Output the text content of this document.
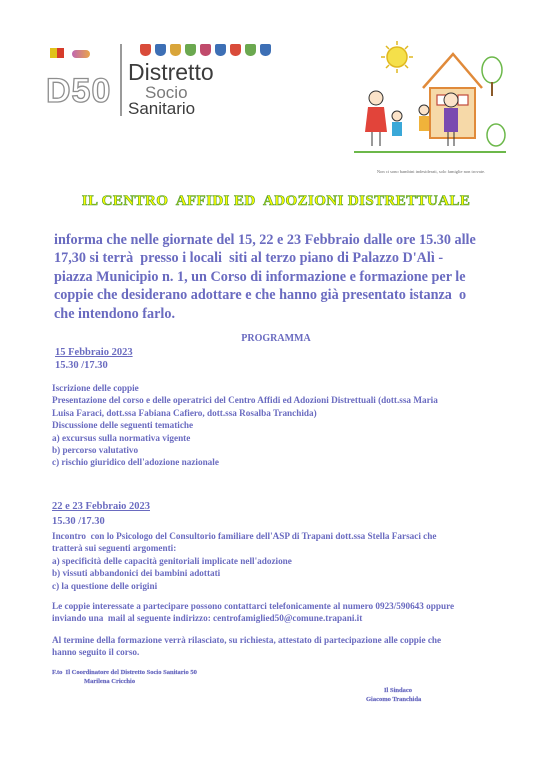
D50 Distretto
Socio
Sanitario
Non ci sono bambini indesiderati, solo famiglie non trovate.
IL CENTRO  AFFIDI ED  ADOZIONI DISTRETTUALE
informa che nelle giornate del 15, 22 e 23 Febbraio dalle ore 15.30 alle
17,30 si terrà  presso i locali  siti al terzo piano di Palazzo D'Alì -
piazza Municipio n. 1, un Corso di informazione e formazione per le
coppie che desiderano adottare e che hanno già presentato istanza  o
che intendono farlo.
PROGRAMMA
15 Febbraio 2023
15.30 /17.30
Iscrizione delle coppie
Presentazione del corso e delle operatrici del Centro Affidi ed Adozioni Distrettuali (dott.ssa Maria
Luisa Faraci, dott.ssa Fabiana Cafiero, dott.ssa Rosalba Tranchida)
Discussione delle seguenti tematiche
a) excursus sulla normativa vigente
b) percorso valutativo
c) rischio giuridico dell'adozione nazionale
22 e 23 Febbraio 2023
15.30 /17.30
Incontro  con lo Psicologo del Consultorio familiare dell'ASP di Trapani dott.ssa Stella Farsaci che
tratterà sui seguenti argomenti:
a) specificità delle capacità genitoriali implicate nell'adozione
b) vissuti abbandonici dei bambini adottati
c) la questione delle origini
Le coppie interessate a partecipare possono contattarci telefonicamente al numero 0923/590643 oppure
inviando una  mail al seguente indirizzo: centrofamiglied50@comune.trapani.it
Al termine della formazione verrà rilasciato, su richiesta, attestato di partecipazione alle coppie che
hanno seguito il corso.
F.to  Il Coordinatore del Distretto Socio Sanitario 50
Marilena Cricchio
Il Sindaco
Giacomo Tranchida
